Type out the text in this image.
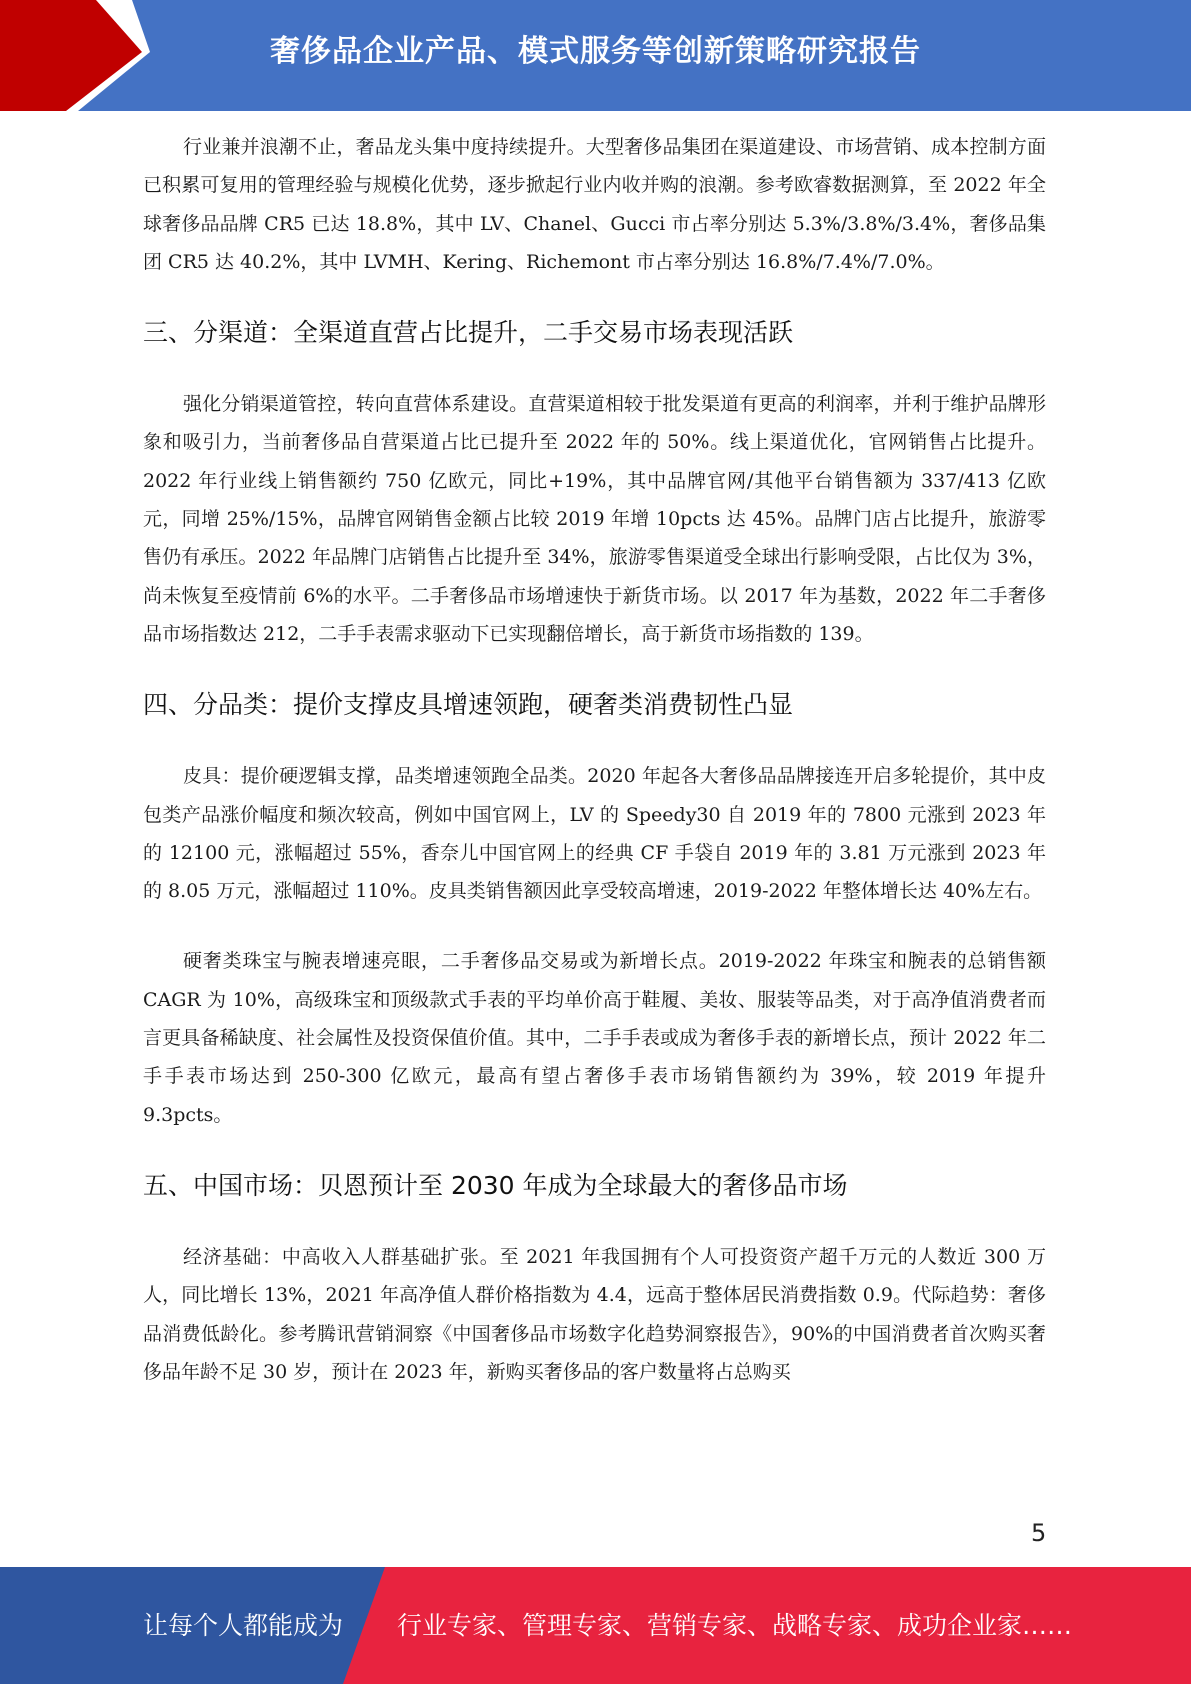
奢侈品企业产品、模式服务等创新策略研究报告

行业兼并浪潮不止，奢品龙头集中度持续提升。大型奢侈品集团在渠道建设、市场营销、成本控制方面已积累可复用的管理经验与规模化优势，逐步掀起行业内收并购的浪潮。参考欧睿数据测算，至 2022 年全球奢侈品品牌 CR5 已达 18.8%，其中 LV、Chanel、Gucci 市占率分别达 5.3%/3.8%/3.4%，奢侈品集团 CR5 达 40.2%，其中 LVMH、Kering、Richemont 市占率分别达 16.8%/7.4%/7.0%。

三、分渠道：全渠道直营占比提升，二手交易市场表现活跃

强化分销渠道管控，转向直营体系建设。直营渠道相较于批发渠道有更高的利润率，并利于维护品牌形象和吸引力，当前奢侈品自营渠道占比已提升至 2022 年的 50%。线上渠道优化，官网销售占比提升。2022 年行业线上销售额约 750 亿欧元，同比+19%，其中品牌官网/其他平台销售额为 337/413 亿欧元，同增 25%/15%，品牌官网销售金额占比较 2019 年增 10pcts 达 45%。品牌门店占比提升，旅游零售仍有承压。2022 年品牌门店销售占比提升至 34%，旅游零售渠道受全球出行影响受限，占比仅为 3%，尚未恢复至疫情前 6%的水平。二手奢侈品市场增速快于新货市场。以 2017 年为基数，2022 年二手奢侈品市场指数达 212，二手手表需求驱动下已实现翻倍增长，高于新货市场指数的 139。

四、分品类：提价支撑皮具增速领跑，硬奢类消费韧性凸显

皮具：提价硬逻辑支撑，品类增速领跑全品类。2020 年起各大奢侈品品牌接连开启多轮提价，其中皮包类产品涨价幅度和频次较高，例如中国官网上，LV 的 Speedy30 自 2019 年的 7800 元涨到 2023 年的 12100 元，涨幅超过 55%，香奈儿中国官网上的经典 CF 手袋自 2019 年的 3.81 万元涨到 2023 年的 8.05 万元，涨幅超过 110%。皮具类销售额因此享受较高增速，2019-2022 年整体增长达 40%左右。

硬奢类珠宝与腕表增速亮眼，二手奢侈品交易或为新增长点。2019-2022 年珠宝和腕表的总销售额 CAGR 为 10%，高级珠宝和顶级款式手表的平均单价高于鞋履、美妆、服装等品类，对于高净值消费者而言更具备稀缺度、社会属性及投资保值价值。其中，二手手表或成为奢侈手表的新增长点，预计 2022 年二手手表市场达到 250-300 亿欧元，最高有望占奢侈手表市场销售额约为 39%，较 2019 年提升 9.3pcts。

五、中国市场：贝恩预计至 2030 年成为全球最大的奢侈品市场

经济基础：中高收入人群基础扩张。至 2021 年我国拥有个人可投资资产超千万元的人数近 300 万人，同比增长 13%，2021 年高净值人群价格指数为 4.4，远高于整体居民消费指数 0.9。代际趋势：奢侈品消费低龄化。参考腾讯营销洞察《中国奢侈品市场数字化趋势洞察报告》，90%的中国消费者首次购买奢侈品年龄不足 30 岁，预计在 2023 年，新购买奢侈品的客户数量将占总购买

5
让每个人都能成为 行业专家、管理专家、营销专家、战略专家、成功企业家……
